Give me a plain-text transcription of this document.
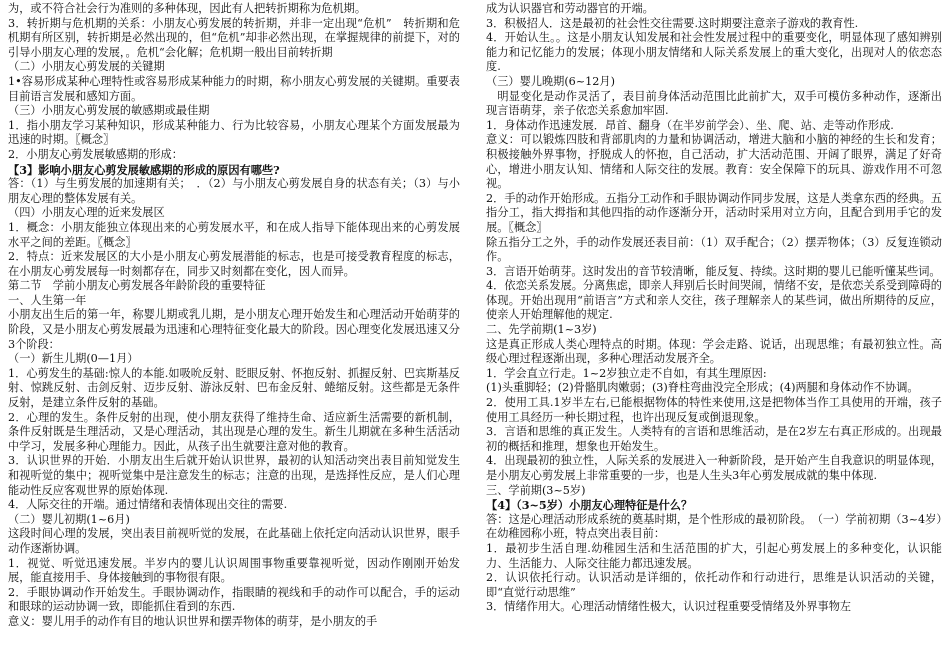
为，或不符合社会行为准则的多种体现，因此有人把转折期称为危机期。

3．转折期与危机期的关系：小朋友心剪发展的转折期，并非一定出现“危机”　转折期和危机期有所区别，转折期是必然出现的，但“危机”却非必然出现，在掌握规律的前提下，对的引导小朋友心理的发展，。危机“会化解；危机期一般出目前转折期

（二）小朋友心剪发展的关键期

1•容易形成某种心理特性或容易形成某种能力的时期，称小朋友心剪发展的关键期。重要表目前语言发展和感知方面。

（三）小朋友心剪发展的敏感期或最佳期

1．指小朋友学习某种知识，形成某种能力、行为比较容易，小朋友心理某个方面发展最为迅速的时期。〖概念〗

2．小朋友心剪发展敏感期的形成：

【3】影响小朋友心剪发展敏感期的形成的原因有哪些?

答：（1）与生剪发展的加速期有关；　．（2）与小朋友心剪发展自身的状态有关；（3）与小朋友心理的整体发展有关。

（四）小朋友心理的近来发展区

1．概念：小朋友能独立体现出来的心剪发展水平，和在成人指导下能体现出来的心剪发展水平之间的差距。〖概念〗

2．特点：近来发展区的大小是小朋友心剪发展潜能的标志，也是可接受教育程度的标志，在小朋友心剪发展每一时刻都存在，同步又时刻都在变化，因人而异。

第二节　学前小朋友心剪发展各年龄阶段的重要特征

一、人生第一年

小朋友出生后的第一年，称婴儿期或乳儿期，是小朋友心理开始发生和心理活动开始萌芽的阶段，又是小朋友心剪发展最为迅速和心理特征变化最大的阶段。因心理变化发展迅速又分3个阶段：

（一）新生儿期(0—1月）

1．心剪发生的基础:惊人的本能.如吸吮反射、眨眼反射、怀抱反射、抓握反射、巴宾斯基反射、惊跳反射、击剑反射、迈步反射、游泳反射、巴布金反射、蜷缩反射。这些都是无条件反射，是建立条件反射的基础。

2．心理的发生。条件反射的出现，使小朋友获得了维持生命、适应新生活需要的新机制，条件反射既是生理活动，又是心理活动，其出现是心理的发生。新生儿期就在多种生活活动中学习，发展多种心理能力。因此，从孩子出生就要注意对他的教育。

3．认识世界的开始．小朋友出生后就开始认识世界，最初的认知活动突出表目前知觉发生和视听觉的集中；视听觉集中是注意发生的标志；注意的出现，是选择性反应，是人们心理能动性反应客观世界的原始体现.

4．人际交往的开端。通过情绪和表情体现出交往的需要.

（二）婴儿初期(1~6月)

这段时间心理的发展，突出表目前视听觉的发展，在此基础上依托定向活动认识世界，眼手动作逐渐协调。

1．视觉、听觉迅速发展。半岁内的婴儿认识周围事物重要靠视听觉，因动作刚刚开始发展，能直接用手、身体接触到的事物很有限。

2．手眼协调动作开始发生。手眼协调动作，指眼睛的视线和手的动作可以配合，手的运动和眼球的运动协调一致，即能抓住看到的东西.

意义：婴儿用手的动作有目的地认识世界和摆弄物体的萌芽，是小朋友的手

成为认识器官和劳动器官的开端。

3．积极招人．这是最初的社会性交往需要.这时期要注意亲子游戏的教育性.

4．开始认生。。这是小朋友认知发展和社会性发展过程中的重要变化，明显体现了感知辨别能力和记忆能力的发展；体现小朋友情绪和人际关系发展上的重大变化，出现对人的依恋态度.

（三）婴儿晚期(6~12月)

　明显变化是动作灵活了，表目前身体活动范围比此前扩大，双手可模仿多种动作，逐渐出现言语萌芽，亲子依恋关系愈加牢固.

1．身体动作迅速发展．昂首、翻身（在半岁前学会）、坐、爬、站、走等动作形成.

意义：可以锻炼四肢和背部肌肉的力量和协调活动，增进大脑和小脑的神经的生长和发育；积极接触外界事物，抒脱成人的怀抱，自己活动，扩大活动范围、开阔了眼界，满足了好奇心，增进小朋友认知、情绪和人际交往的发展。教育：安全保障下的玩具、游戏作用不可忽视。

2．手的动作开始形成。五指分工动作和手眼协调动作同步发展，这是人类拿东西的经典。五指分工，指大拇指和其他四指的动作逐渐分开，活动时采用对立方向，且配合到用手它的发展。〖概念〗

除五指分工之外，手的动作发展还表目前：（1）双手配合；（2）摆弄物体；（3）反复连锁动作。

3．言语开始萌芽。这时发出的音节较清晰，能反复、持续。这时期的婴儿已能听懂某些词。

4．依恋关系发展。分离焦虑，即亲人拜别后长时间哭闹，情绪不安，是依恋关系受到障碍的体现。开始出现用“前语言”方式和亲人交往，孩子理解亲人的某些词，做出所期待的反应，使亲人开始理解他的规定.

二、先学前期(1~3岁)

这是真正形成人类心理特点的时期。体现：学会走路、说话，出现思维；有最初独立性。高级心理过程逐渐出现，多种心理活动发展齐全。

1．学会直立行走。1~2岁独立走不自如，有其生理原因:

(1)头重脚轻；(2)骨骼肌肉嫩弱；(3)脊柱弯曲没完全形成；(4)两腿和身体动作不协调。

2．使用工具.1岁半左右,已能根据物体的特性来使用,这是把物体当作工具使用的开端，孩子使用工具经历一种长期过程，也许出现反复或倒退现象。

3．言语和思维的真正发生。人类特有的言语和思维活动，是在2岁左右真正形成的。出现最初的概括和推理，想象也开始发生。

4．出现最初的独立性，人际关系的发展进入一种新阶段，是开始产生自我意识的明显体现，是小朋友心剪发展上非常重要的一步，也是人生头3年心剪发展成就的集中体现.

三、学前期(3~5岁)

【4】（3~5岁）小朋友心理特征是什么？

答：这是心理活动形成系统的奠基时期，是个性形成的最初阶段。　（一）学前初期（3~4岁）在幼稚园称小班，特点突出表目前：

1．最初步生活自理.幼稚园生活和生活范围的扩大，引起心剪发展上的多种变化，认识能力、生活能力、人际交往能力都迅速发展。

2．认识依托行动。认识活动是详细的，依托动作和行动进行，思维是认识活动的关键，即“直觉行动思维”

3．情绪作用大。心理活动情绪性极大，认识过程重要受情绪及外界事物左
